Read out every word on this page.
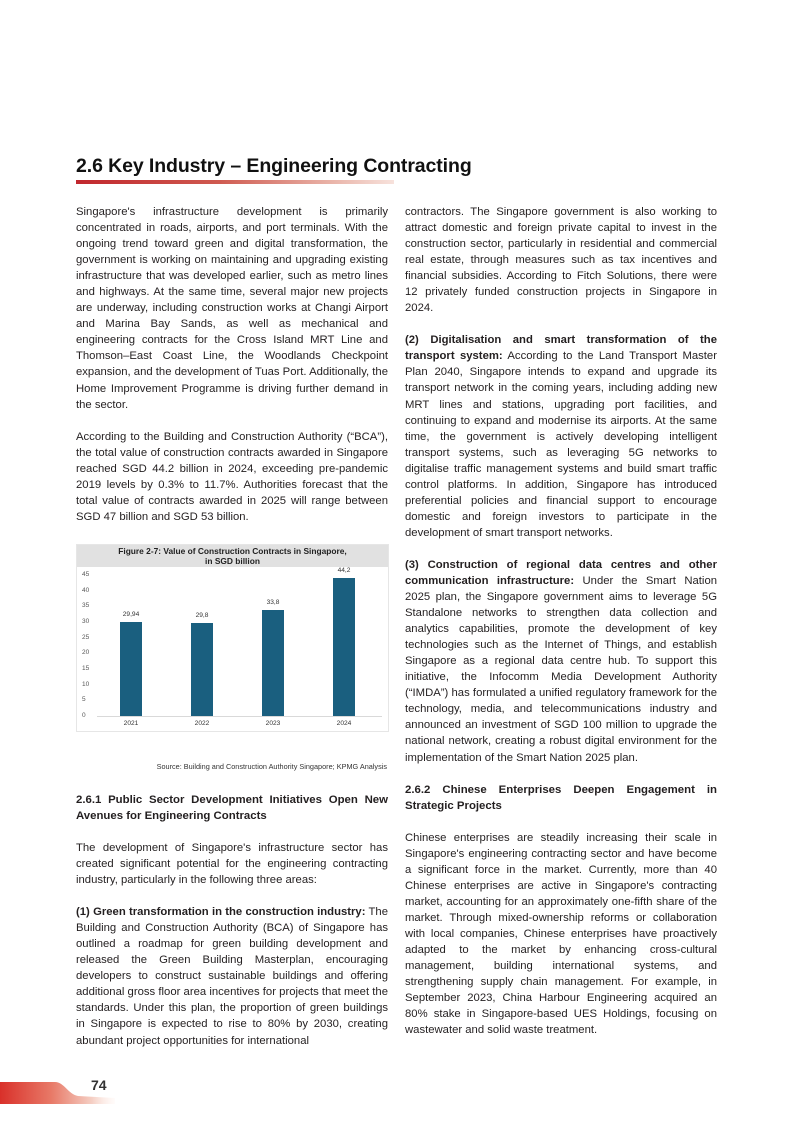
2.6 Key Industry – Engineering Contracting

Singapore's infrastructure development is primarily concentrated in roads, airports, and port terminals. With the ongoing trend toward green and digital transformation, the government is working on maintaining and upgrading existing infrastructure that was developed earlier, such as metro lines and highways. At the same time, several major new projects are underway, including construction works at Changi Airport and Marina Bay Sands, as well as mechanical and engineering contracts for the Cross Island MRT Line and Thomson–East Coast Line, the Woodlands Checkpoint expansion, and the development of Tuas Port. Additionally, the Home Improvement Programme is driving further demand in the sector.

According to the Building and Construction Authority (“BCA”), the total value of construction contracts awarded in Singapore reached SGD 44.2 billion in 2024, exceeding pre-pandemic 2019 levels by 0.3% to 11.7%. Authorities forecast that the total value of contracts awarded in 2025 will range between SGD 47 billion and SGD 53 billion.

Figure 2-7: Value of Construction Contracts in Singapore,
in SGD billion
45
40
35
30
25
20
15
10
5
0
29,94
2021
29,8
2022
33,8
2023
44,2
2024
Source: Building and Construction Authority Singapore; KPMG Analysis

2.6.1 Public Sector Development Initiatives Open New Avenues for Engineering Contracts

The development of Singapore's infrastructure sector has created significant potential for the engineering contracting industry, particularly in the following three areas:

(1) Green transformation in the construction industry: The Building and Construction Authority (BCA) of Singapore has outlined a roadmap for green building development and released the Green Building Masterplan, encouraging developers to construct sustainable buildings and offering additional gross floor area incentives for projects that meet the standards. Under this plan, the proportion of green buildings in Singapore is expected to rise to 80% by 2030, creating abundant project opportunities for international

contractors. The Singapore government is also working to attract domestic and foreign private capital to invest in the construction sector, particularly in residential and commercial real estate, through measures such as tax incentives and financial subsidies. According to Fitch Solutions, there were 12 privately funded construction projects in Singapore in 2024.

(2) Digitalisation and smart transformation of the transport system: According to the Land Transport Master Plan 2040, Singapore intends to expand and upgrade its transport network in the coming years, including adding new MRT lines and stations, upgrading port facilities, and continuing to expand and modernise its airports. At the same time, the government is actively developing intelligent transport systems, such as leveraging 5G networks to digitalise traffic management systems and build smart traffic control platforms. In addition, Singapore has introduced preferential policies and financial support to encourage domestic and foreign investors to participate in the development of smart transport networks.

(3) Construction of regional data centres and other communication infrastructure: Under the Smart Nation 2025 plan, the Singapore government aims to leverage 5G Standalone networks to strengthen data collection and analytics capabilities, promote the development of key technologies such as the Internet of Things, and establish Singapore as a regional data centre hub. To support this initiative, the Infocomm Media Development Authority (“IMDA”) has formulated a unified regulatory framework for the technology, media, and telecommunications industry and announced an investment of SGD 100 million to upgrade the national network, creating a robust digital environment for the implementation of the Smart Nation 2025 plan.

2.6.2 Chinese Enterprises Deepen Engagement in Strategic Projects

Chinese enterprises are steadily increasing their scale in Singapore's engineering contracting sector and have become a significant force in the market. Currently, more than 40 Chinese enterprises are active in Singapore's contracting market, accounting for an approximately one-fifth share of the market. Through mixed-ownership reforms or collaboration with local companies, Chinese enterprises have proactively adapted to the market by enhancing cross-cultural management, building international systems, and strengthening supply chain management. For example, in September 2023, China Harbour Engineering acquired an 80% stake in Singapore-based UES Holdings, focusing on wastewater and solid waste treatment.

74
